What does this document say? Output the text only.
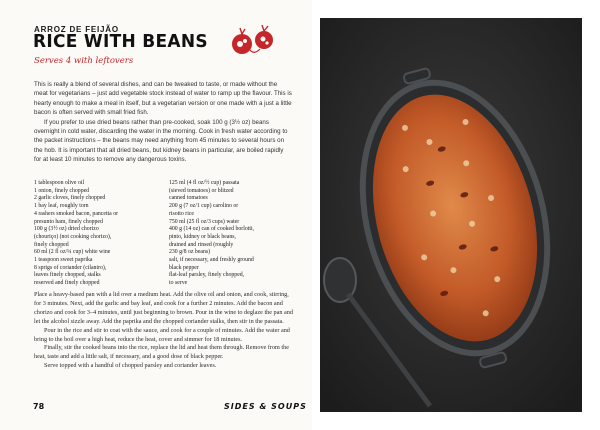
ARROZ DE FEIJÃO
RICE WITH BEANS
Serves 4 with leftovers

This is really a blend of several dishes, and can be tweaked to taste, or made without the meat for vegetarians – just add vegetable stock instead of water to ramp up the flavour. This is hearty enough to make a meal in itself, but a vegetarian version or one made with a just a little bacon is often served with small fried fish.

If you prefer to use dried beans rather than pre-cooked, soak 100 g (3½ oz) beans overnight in cold water, discarding the water in the morning. Cook in fresh water according to the packet instructions – the beans may need anything from 45 minutes to several hours on the hob. It is important that all dried beans, but kidney beans in particular, are boiled rapidly for at least 10 minutes to remove any dangerous toxins.

1 tablespoon olive oil
1 onion, finely chopped
2 garlic cloves, finely chopped
1 bay leaf, roughly torn
4 rashers smoked bacon, pancetta or
presunto ham, finely chopped
100 g (3½ oz) dried chorizo
(chouriço) (not cooking chorizo),
finely chopped
60 ml (2 fl oz/¼ cup) white wine
1 teaspoon sweet paprika
8 sprigs of coriander (cilantro),
leaves finely chopped, stalks
reserved and finely chopped
125 ml (4 fl oz/½ cup) passata
(sieved tomatoes) or blitzed
canned tomatoes
200 g (7 oz/1 cup) carolino or
risotto rice
750 ml (25 fl oz/3 cups) water
400 g (14 oz) can of cooked borlotti,
pinto, kidney or black beans,
drained and rinsed (roughly
230 g/8 oz beans)
salt, if necessary, and freshly ground
black pepper
flat-leaf parsley, finely chopped,
to serve

Place a heavy-based pan with a lid over a medium heat. Add the olive oil and onion, and cook, stirring, for 3 minutes. Next, add the garlic and bay leaf, and cook for a further 2 minutes. Add the bacon and chorizo and cook for 3–4 minutes, until just beginning to brown. Pour in the wine to deglaze the pan and let the alcohol sizzle away. Add the paprika and the chopped coriander stalks, then stir in the passata.

Pour in the rice and stir to coat with the sauce, and cook for a couple of minutes. Add the water and bring to the boil over a high heat, reduce the heat, cover and simmer for 18 minutes.

Finally, stir the cooked beans into the rice, replace the lid and heat them through. Remove from the heat, taste and add a little salt, if necessary, and a good dose of black pepper.

Serve topped with a handful of chopped parsley and coriander leaves.

78	SIDES & SOUPS
